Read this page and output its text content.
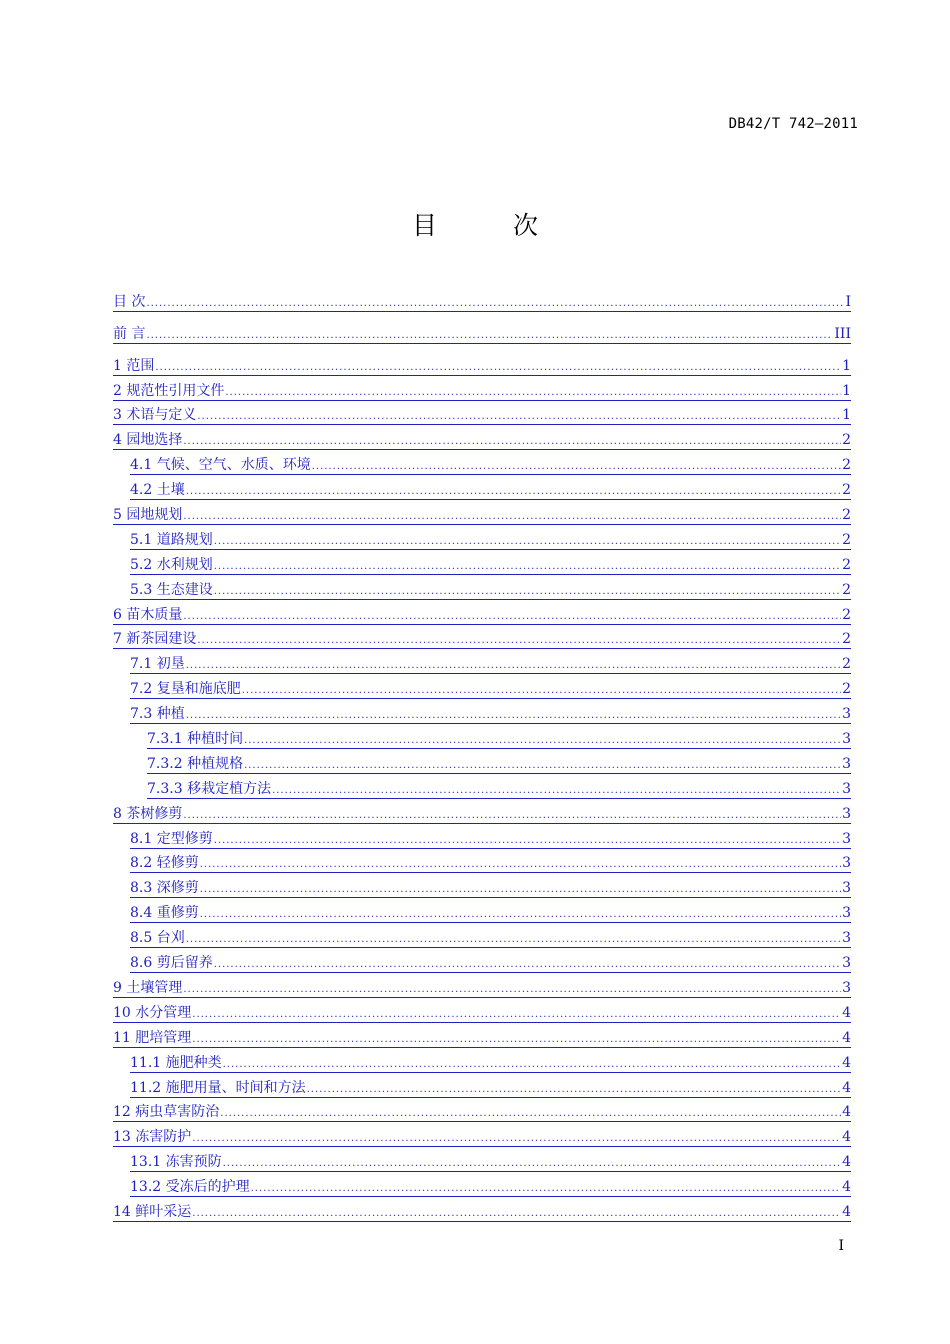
DB42/T 742—2011
目 次
目 次 .....	I
前 言 .....	III
1 范围 .....	1
2 规范性引用文件 .....	1
3 术语与定义 .....	1
4 园地选择 .....	2
4.1 气候、空气、水质、环境 .....	2
4.2 土壤 .....	2
5 园地规划 .....	2
5.1 道路规划 .....	2
5.2 水利规划 .....	2
5.3 生态建设 .....	2
6 苗木质量 .....	2
7 新茶园建设 .....	2
7.1 初垦 .....	2
7.2 复垦和施底肥 .....	2
7.3 种植 .....	3
7.3.1 种植时间 .....	3
7.3.2 种植规格 .....	3
7.3.3 移栽定植方法 .....	3
8 茶树修剪 .....	3
8.1 定型修剪 .....	3
8.2 轻修剪 .....	3
8.3 深修剪 .....	3
8.4 重修剪 .....	3
8.5 台刈 .....	3
8.6 剪后留养 .....	3
9 土壤管理 .....	3
10 水分管理 .....	4
11 肥培管理 .....	4
11.1 施肥种类 .....	4
11.2 施肥用量、时间和方法 .....	4
12 病虫草害防治 .....	4
13 冻害防护 .....	4
13.1 冻害预防 .....	4
13.2 受冻后的护理 .....	4
14 鲜叶采运 .....	4
I
